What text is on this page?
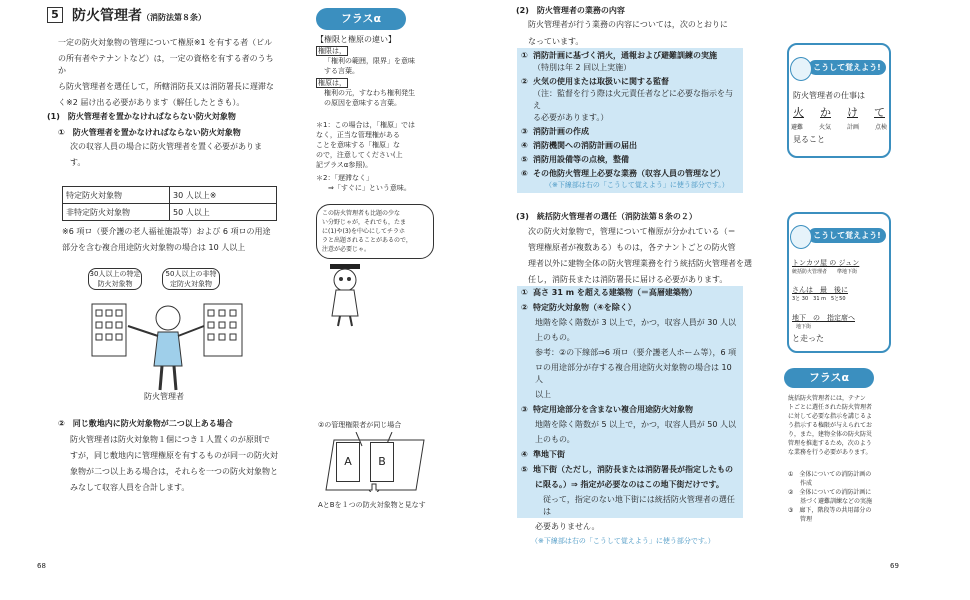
5 防火管理者（消防法第８条）
一定の防火対象物の管理について権原※1 を有する者（ビル
の所有者やテナントなど）は，一定の資格を有する者のうちか
ら防火管理者を選任して，所轄消防長又は消防署長に遅滞な
く※2 届け出る必要があります（解任したときも）。
(1)　防火管理者を置かなければならない防火対象物
①　防火管理者を置かなければならない防火対象物
次の収容人員の場合に防火管理者を置く必要がありま
す。
特定防火対象物	30 人以上※
非特定防火対象物	50 人以上
※6 項ロ（要介護の老人福祉施設等）および 6 項ロの用途
部分を含む複合用途防火対象物の場合は 10 人以上
30人以上の特定防火対象物
50人以上の非特定防火対象物
防火管理者
②　同じ敷地内に防火対象物が二つ以上ある場合
防火管理者は防火対象物１個につき１人置くのが原則で
すが，同じ敷地内に管理権原を有するものが同一の防火対
象物が二つ以上ある場合は，それらを一つの防火対象物と
みなして収容人員を合計します。
68
フラスα
【権限と権原の違い】
権限は，
「権利の範囲，限界」を意味
する言葉。
権原は，
権利の元，すなわち権利発生
の原因を意味する言葉。
＊1：この場合は，「権原」では
なく，正当な管理権がある
ことを意味する「権原」な
ので，注意してください(上
記プラスα参照)。
＊2：「遅滞なく」
⇒「すぐに」という意味。
この防火管理者も比題の少な
い分野じゃが，それでも，たま
に(1)や(3)を中心にしてチラホ
ラと出題されることがあるので，
注意が必要じゃ。
②の管理権限者が同じ場合
A	B
AとBを１つの防火対象物と見なす
(2)　防火管理者の業務の内容
防火管理者が行う業務の内容については，次のとおりに
なっています。
① 消防計画に基づく消火，通報および避難訓練の実施
（特別は年 2 回以上実施）
② 火気の使用または取扱いに関する監督
（注：監督を行う際は火元責任者などに必要な指示を与え
る必要があります。）
③ 消防計画の作成
④ 消防機関への消防計画の届出
⑤ 消防用設備等の点検，整備
⑥ その他防火管理上必要な業務（収容人員の管理など）
（※下線部は右の「こうして覚えよう」に使う部分です。）
(3)　統括防火管理者の選任（消防法第８条の２）
次の防火対象物で，管理について権原が分かれている（＝
管理権原者が複数ある）ものは，各テナントごとの防火管
理者以外に建物全体の防火管理業務を行う統括防火管理者を選
任し，消防長または消防署長に届ける必要があります。
① 高さ 31 m を超える建築物（＝高層建築物）
② 特定防火対象物（④を除く）
地階を除く階数が 3 以上で，かつ，収容人員が 30 人以
上のもの。
参考：②の下線部⇒6 項ロ（要介護老人ホーム等），6 項
ロの用途部分が存する複合用途防火対象物の場合は 10 人
以上
③ 特定用途部分を含まない複合用途防火対象物
地階を除く階数が 5 以上で，かつ，収容人員が 50 人以
上のもの。
④ 準地下街
⑤ 地下街（ただし，消防長または消防署長が指定したもの
に限る。）⇒ 指定が必要なのはこの地下街だけです。
従って，指定のない地下街には統括防火管理者の選任は
必要ありません。
（※下線部は右の「こうして覚えよう」に使う部分です。）
69
こうして覚えよう!
防火管理者の仕事は
火 か け て
避難	火気	計画	点検
見ること
こうして覚えよう!
トンカツ屋 の ジュン
統括防火管理者　　準地下街
さんは　最　後に
3と 30　31 m　5と50
地下　の　指定席へ
地下街
と走った
フラスα
統括防火管理者には，テナン
トごとに選任された防火管理者
に対して必要な指示を講じるよ
う指示する権限が与えられてお
り，また，建物全体の防火防災
管理を推進するため，次のよう
な業務を行う必要があります。
①　全体についての消防計画の
　　作成
②　全体についての消防計画に
　　基づく避難訓練などの実施
③　廊下，階段等の共用部分の
　　管理
